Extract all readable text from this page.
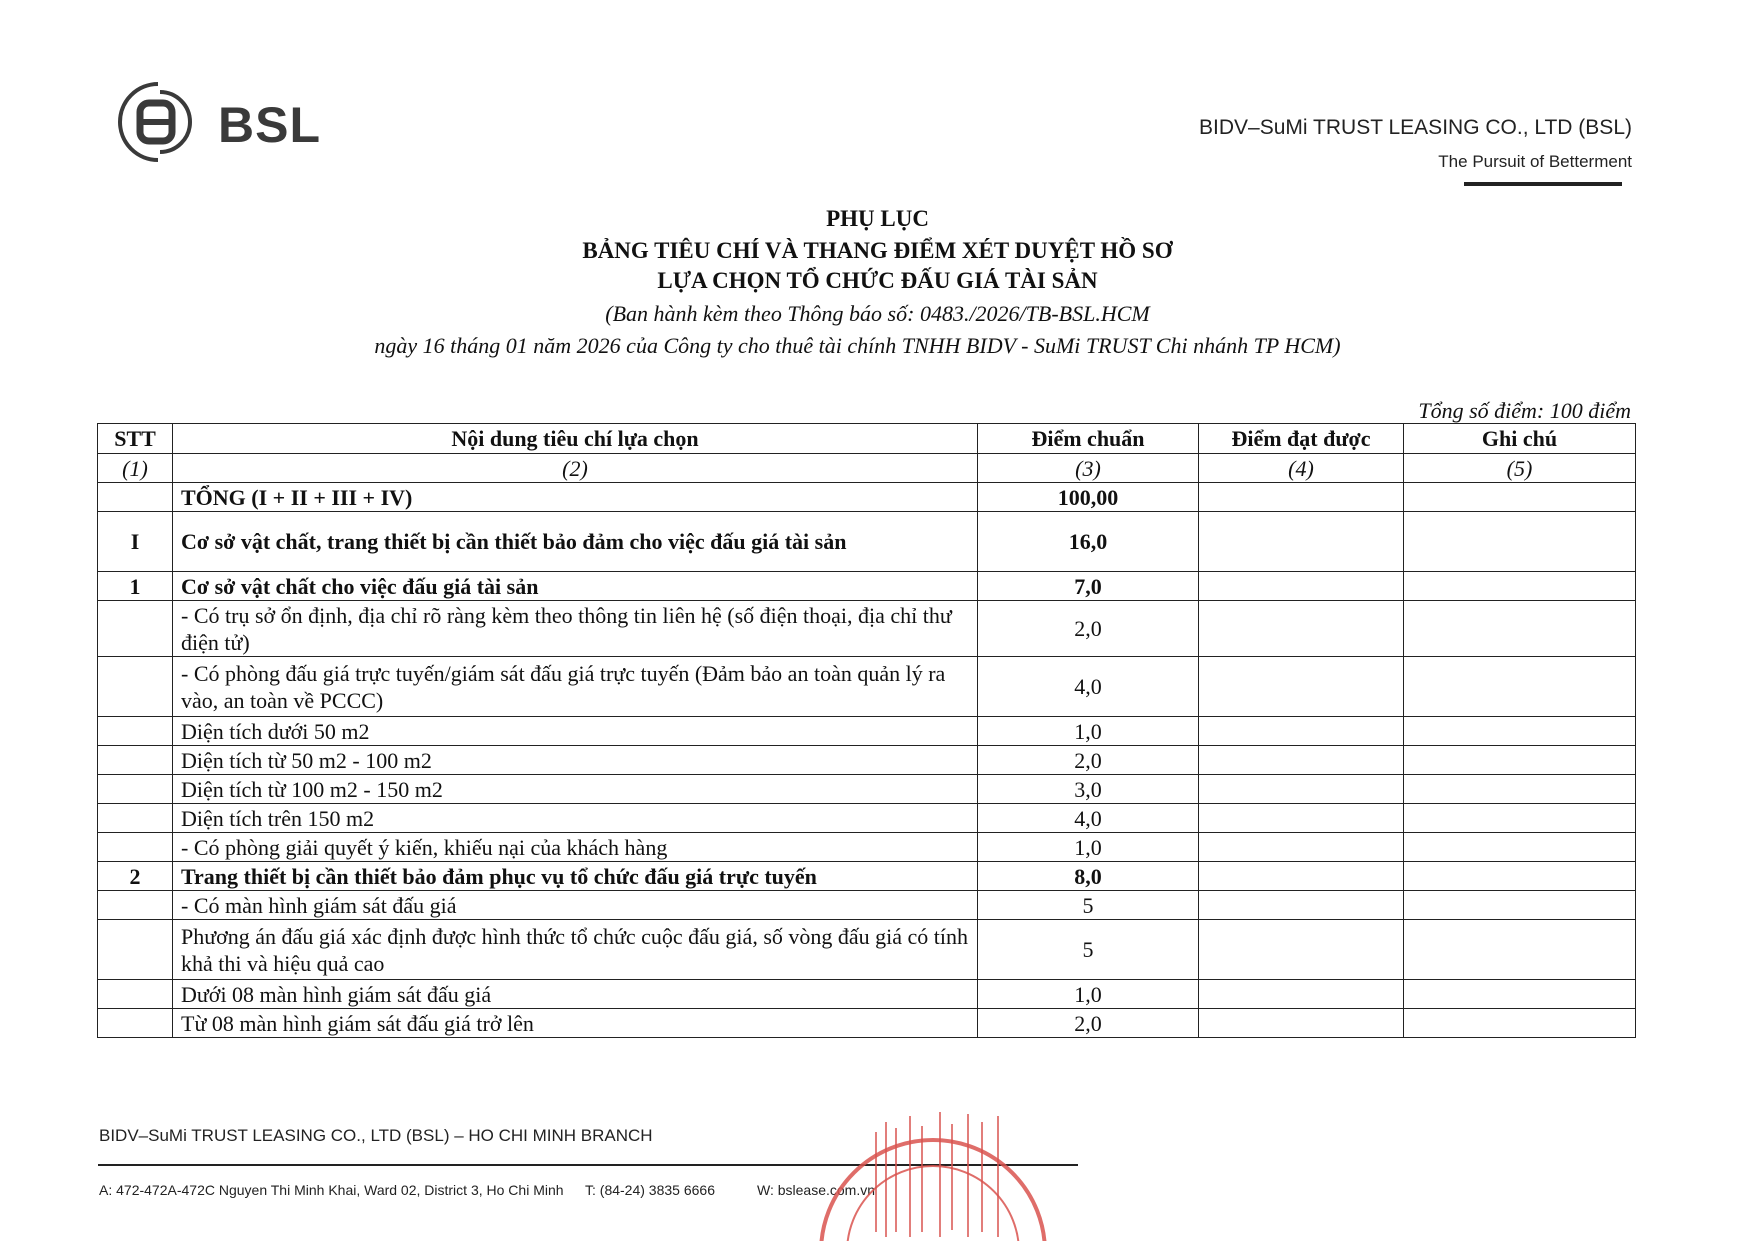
BSL	BIDV–SuMi TRUST LEASING CO., LTD (BSL)
The Pursuit of Betterment
PHỤ LỤC
BẢNG TIÊU CHÍ VÀ THANG ĐIỂM XÉT DUYỆT HỒ SƠ
LỰA CHỌN TỔ CHỨC ĐẤU GIÁ TÀI SẢN
(Ban hành kèm theo Thông báo số: 0483./2026/TB-BSL.HCM
ngày 16 tháng 01 năm 2026 của Công ty cho thuê tài chính TNHH BIDV - SuMi TRUST Chi nhánh TP HCM)
Tổng số điểm: 100 điểm
STT	Nội dung tiêu chí lựa chọn	Điểm chuẩn	Điểm đạt được	Ghi chú
(1)	(2)	(3)	(4)	(5)
	TỔNG (I + II + III + IV)	100,00		
I	Cơ sở vật chất, trang thiết bị cần thiết bảo đảm cho việc đấu giá tài sản	16,0		
1	Cơ sở vật chất cho việc đấu giá tài sản	7,0		
	- Có trụ sở ổn định, địa chỉ rõ ràng kèm theo thông tin liên hệ (số điện thoại, địa chỉ thư điện tử)	2,0		
	- Có phòng đấu giá trực tuyến/giám sát đấu giá trực tuyến (Đảm bảo an toàn quản lý ra vào, an toàn về PCCC)	4,0		
	Diện tích dưới 50 m2	1,0		
	Diện tích từ 50 m2 - 100 m2	2,0		
	Diện tích từ 100 m2 - 150 m2	3,0		
	Diện tích trên 150 m2	4,0		
	- Có phòng giải quyết ý kiến, khiếu nại của khách hàng	1,0		
2	Trang thiết bị cần thiết bảo đảm phục vụ tổ chức đấu giá trực tuyến	8,0		
	- Có màn hình giám sát đấu giá	5		
	Phương án đấu giá xác định được hình thức tổ chức cuộc đấu giá, số vòng đấu giá có tính khả thi và hiệu quả cao	5		
	Dưới 08 màn hình giám sát đấu giá	1,0		
	Từ 08 màn hình giám sát đấu giá trở lên	2,0		
BIDV–SuMi TRUST LEASING CO., LTD (BSL) – HO CHI MINH BRANCH
A: 472-472A-472C Nguyen Thi Minh Khai, Ward 02, District 3, Ho Chi Minh T: (84-24) 3835 6666	W: bslease.com.vn
